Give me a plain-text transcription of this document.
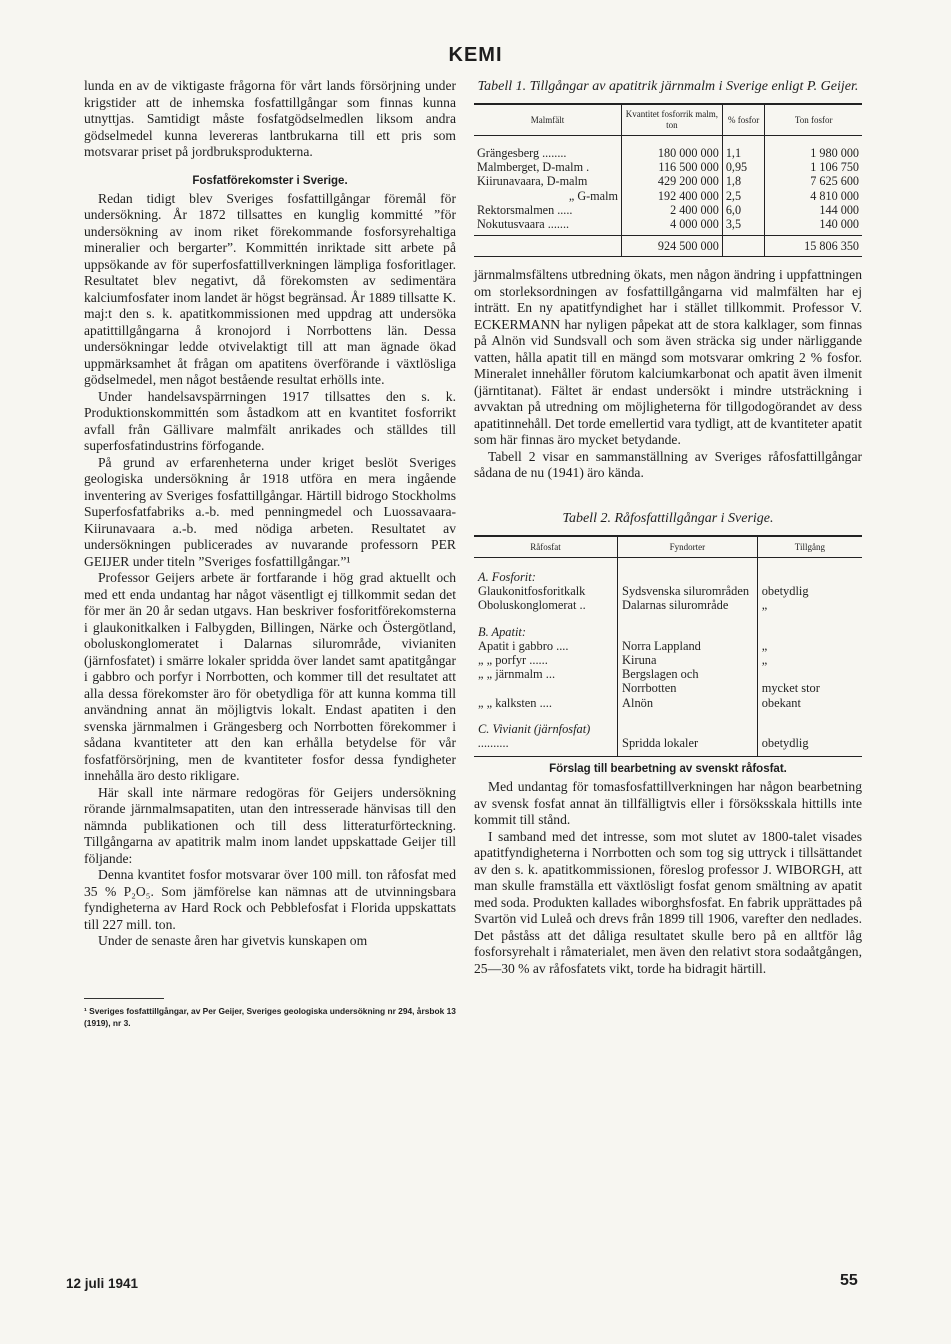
KEMI

lunda en av de viktigaste frågorna för vårt lands försörjning under krigstider att de inhemska fosfattillgångar som finnas kunna utnyttjas. Samtidigt måste fosfatgödselmedlen liksom andra gödselmedel kunna levereras lantbrukarna till ett pris som motsvarar priset på jordbruksprodukterna.

Fosfatförekomster i Sverige.

Redan tidigt blev Sveriges fosfattillgångar föremål för undersökning. År 1872 tillsattes en kunglig kommitté ”för undersökning av inom riket förekommande fosforsyrehaltiga mineralier och bergarter”. Kommittén inriktade sitt arbete på uppsökande av för superfosfattillverkningen lämpliga fosforitlager. Resultatet blev negativt, då förekomsten av sedimentära kalciumfosfater inom landet är högst begränsad. År 1889 tillsatte K. maj:t den s. k. apatitkommissionen med uppdrag att undersöka apatittillgångarna å kronojord i Norrbottens län. Dessa undersökningar ledde otvivelaktigt till att man ägnade ökad uppmärksamhet åt frågan om apatitens överförande i växtlösliga gödselmedel, men något bestående resultat erhölls inte.

Under handelsavspärrningen 1917 tillsattes den s. k. Produktionskommittén som åstadkom att en kvantitet fosforrikt avfall från Gällivare malmfält anrikades och ställdes till superfosfatindustrins förfogande.

På grund av erfarenheterna under kriget beslöt Sveriges geologiska undersökning år 1918 utföra en mera ingående inventering av Sveriges fosfattillgångar. Härtill bidrogo Stockholms Superfosfatfabriks a.-b. med penningmedel och Luossavaara-Kiirunavaara a.-b. med nödiga arbeten. Resultatet av undersökningen publicerades av nuvarande professorn PER GEIJER under titeln ”Sveriges fosfattillgångar.”¹

Professor Geijers arbete är fortfarande i hög grad aktuellt och med ett enda undantag har något väsentligt ej tillkommit sedan det för mer än 20 år sedan utgavs. Han beskriver fosforitförekomsterna i glaukonitkalken i Falbygden, Billingen, Närke och Östergötland, oboluskonglomeratet i Dalarnas silurområde, vivianiten (järnfosfatet) i smärre lokaler spridda över landet samt apatitgångar i gabbro och porfyr i Norrbotten, och kommer till det resultatet att alla dessa förekomster äro för obetydliga för att kunna komma till användning annat än möjligtvis lokalt. Endast apatiten i den svenska järnmalmen i Grängesberg och Norrbotten förekommer i sådana kvantiteter att den kan erhålla betydelse för vår fosfatförsörjning, men de kvantiteter fosfor dessa fyndigheter innehålla äro desto rikligare.

Här skall inte närmare redogöras för Geijers undersökning rörande järnmalmsapatiten, utan den intresserade hänvisas till den nämnda publikationen och till dess litteraturförteckning. Tillgångarna av apatitrik malm inom landet uppskattade Geijer till följande:

Denna kvantitet fosfor motsvarar över 100 mill. ton råfosfat med 35 % P₂O₅. Som jämförelse kan nämnas att de utvinningsbara fyndigheterna av Hard Rock och Pebblefosfat i Florida uppskattats till 227 mill. ton.

Under de senaste åren har givetvis kunskapen om

¹ Sveriges fosfattillgångar, av Per Geijer, Sveriges geologiska undersökning nr 294, årsbok 13 (1919), nr 3.
Tabell 1. Tillgångar av apatitrik järnmalm i Sverige enligt P. Geijer.
Malmfält	Kvantitet fosforrik malm, ton	% fosfor	Ton fosfor
Grängesberg ........	180 000 000	1,1	1 980 000
Malmberget, D-malm .	116 500 000	0,95	1 106 750
Kiirunavaara, D-malm	429 200 000	1,8	7 625 600
„ G-malm	192 400 000	2,5	4 810 000
Rektorsmalmen .....	2 400 000	6,0	144 000
Nokutusvaara .......	4 000 000	3,5	140 000
	924 500 000		15 806 350

järnmalmsfältens utbredning ökats, men någon ändring i uppfattningen om storleksordningen av fosfattillgångarna vid malmfälten har ej inträtt. En ny apatitfyndighet har i stället tillkommit. Professor V. ECKERMANN har nyligen påpekat att de stora kalklager, som finnas på Alnön vid Sundsvall och som även sträcka sig under närliggande vatten, hålla apatit till en mängd som motsvarar omkring 2 % fosfor. Mineralet innehåller förutom kalciumkarbonat och apatit även ilmenit (järntitanat). Fältet är endast undersökt i mindre utsträckning i avvaktan på utredning om möjligheterna för tillgodogörandet av dess apatitinnehåll. Det torde emellertid vara tydligt, att de kvantiteter apatit som här finnas äro mycket betydande.

Tabell 2 visar en sammanställning av Sveriges råfosfattillgångar sådana de nu (1941) äro kända.

Tabell 2. Råfosfattillgångar i Sverige.
Råfosfat	Fyndorter	Tillgång
A. Fosforit:		
Glaukonitfosforitkalk	Sydsvenska silurområden	obetydlig
Oboluskonglomerat ..	Dalarnas silurområde	„
B. Apatit:		
Apatit i gabbro ....	Norra Lappland	„
„ „ porfyr ......	Kiruna	„
„ „ järnmalm ...	Bergslagen och Norrbotten	mycket stor
„ „ kalksten ....	Alnön	obekant
C. Vivianit (järnfosfat) ..........	Spridda lokaler	obetydlig
Förslag till bearbetning av svenskt råfosfat.

Med undantag för tomasfosfattillverkningen har någon bearbetning av svensk fosfat annat än tillfälligtvis eller i försöksskala hittills inte kommit till stånd.

I samband med det intresse, som mot slutet av 1800-talet visades apatitfyndigheterna i Norrbotten och som tog sig uttryck i tillsättandet av den s. k. apatitkommissionen, föreslog professor J. WIBORGH, att man skulle framställa ett växtlösligt fosfat genom smältning av apatit med soda. Produkten kallades wiborghsfosfat. En fabrik upprättades på Svartön vid Luleå och drevs från 1899 till 1906, varefter den nedlades. Det påståss att det dåliga resultatet skulle bero på en alltför låg fosforsyrehalt i råmaterialet, men även den relativt stora sodaåtgången, 25—30 % av råfosfatets vikt, torde ha bidragit härtill.

12 juli 1941	55
